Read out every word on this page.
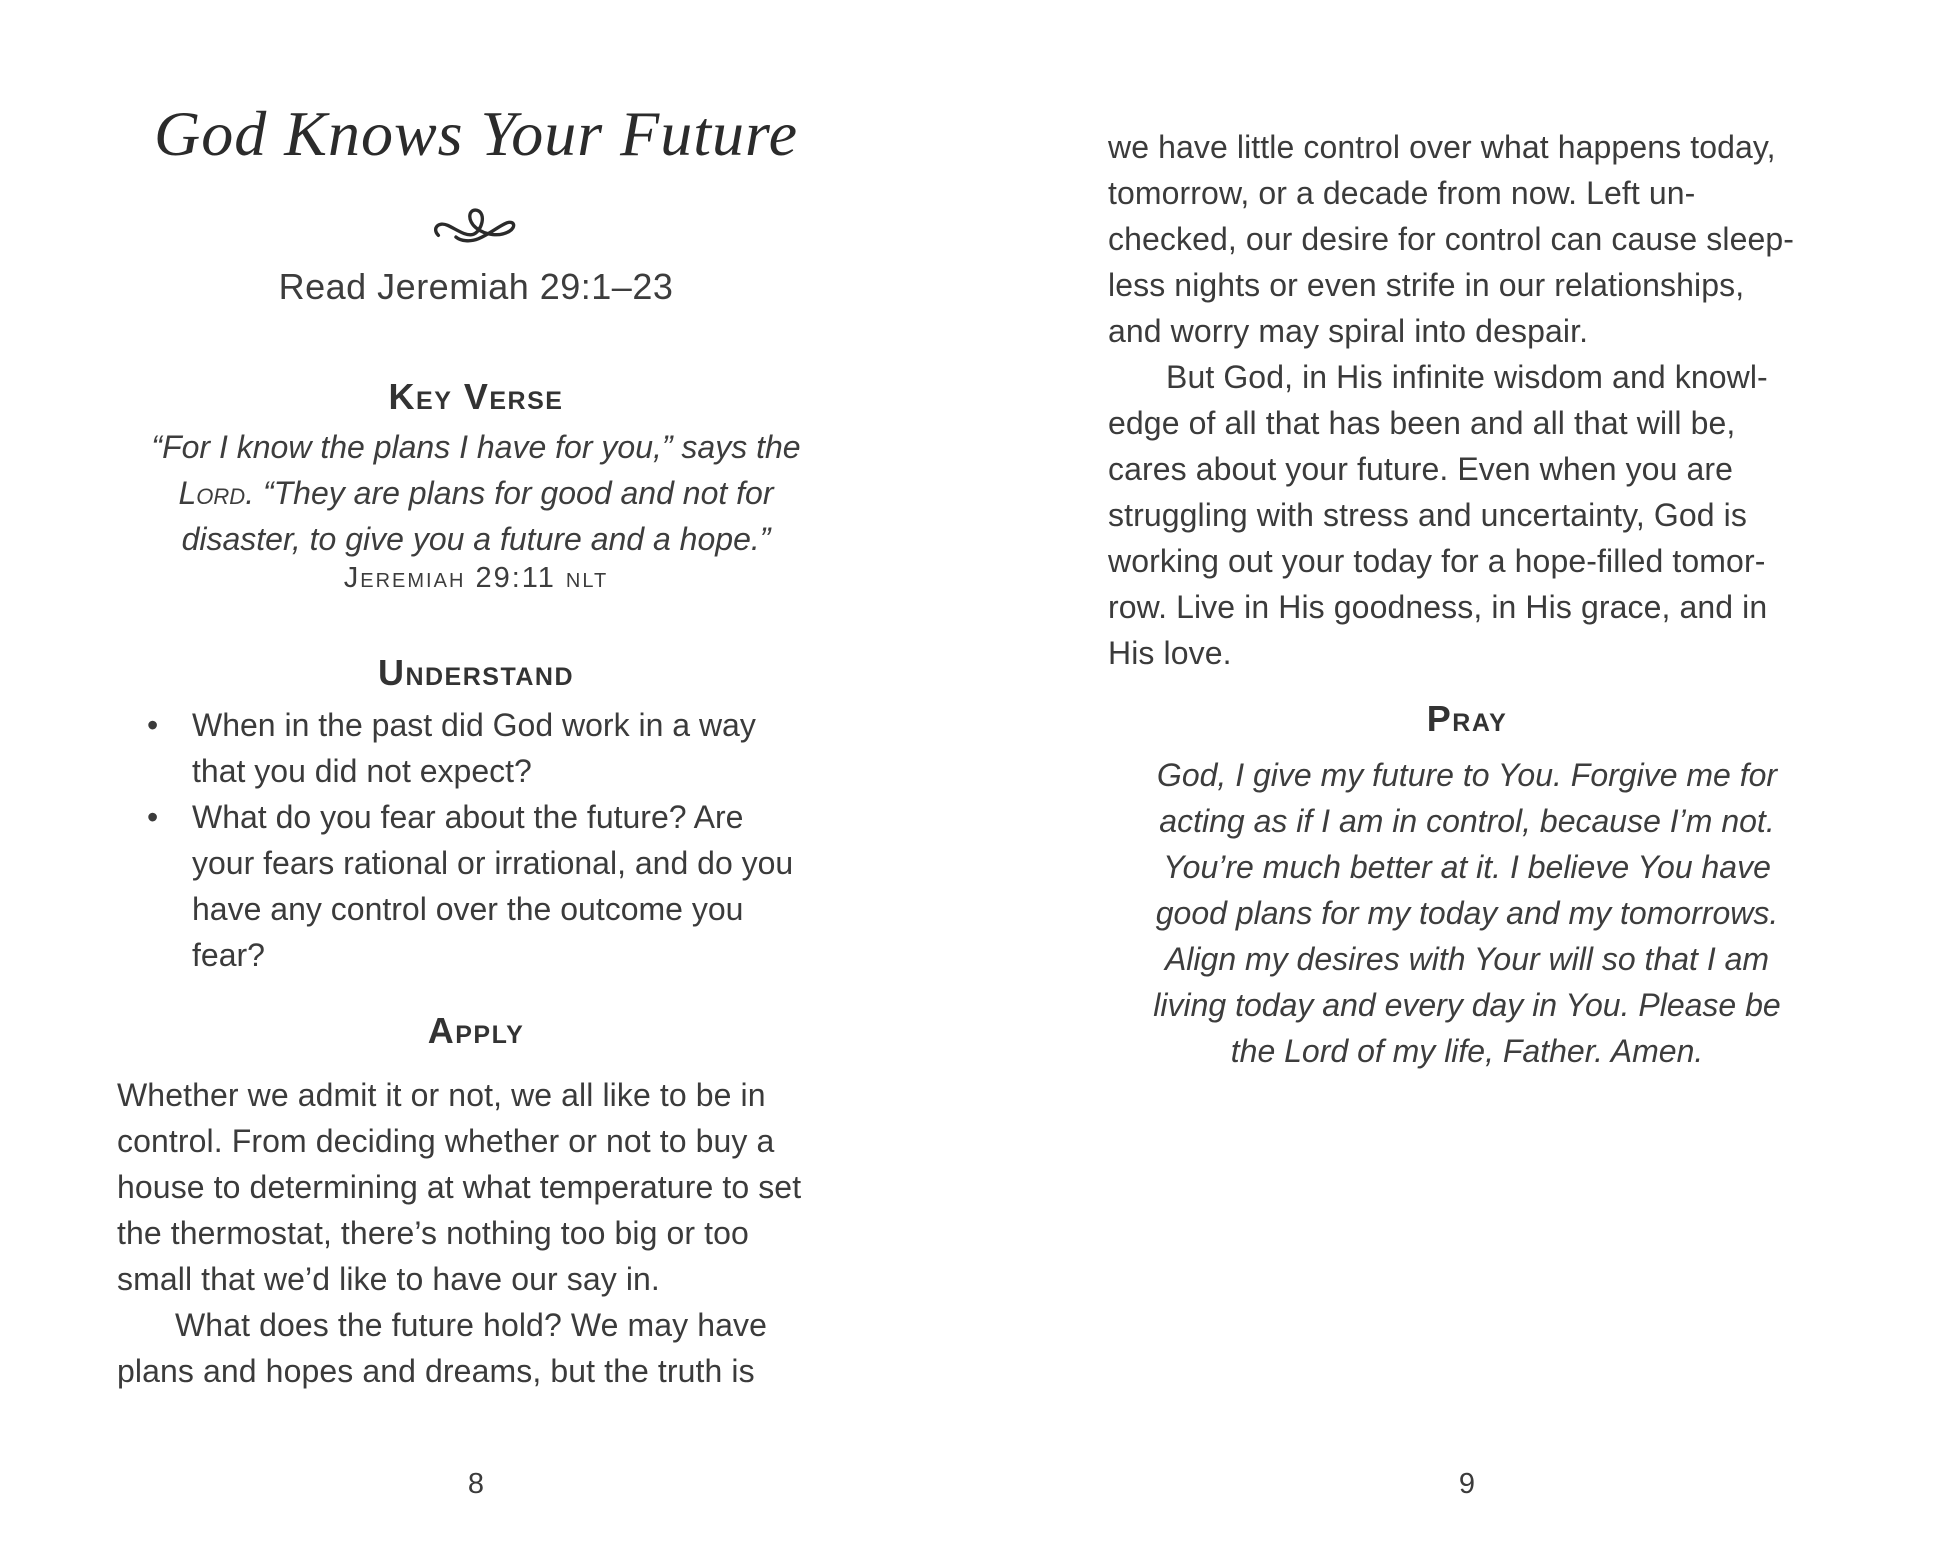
God Knows Your Future
Read Jeremiah 29:1–23
Key Verse
“For I know the plans I have for you,” says the
Lord. “They are plans for good and not for
disaster, to give you a future and a hope.”
Jeremiah 29:11 nlt
Understand
• When in the past did God work in a way
that you did not expect?
• What do you fear about the future? Are
your fears rational or irrational, and do you
have any control over the outcome you
fear?
Apply
Whether we admit it or not, we all like to be in
control. From deciding whether or not to buy a
house to determining at what temperature to set
the thermostat, there’s nothing too big or too
small that we’d like to have our say in.
What does the future hold? We may have
plans and hopes and dreams, but the truth is
8
we have little control over what happens today,
tomorrow, or a decade from now. Left un-
checked, our desire for control can cause sleep-
less nights or even strife in our relationships,
and worry may spiral into despair.
But God, in His infinite wisdom and knowl-
edge of all that has been and all that will be,
cares about your future. Even when you are
struggling with stress and uncertainty, God is
working out your today for a hope-filled tomor-
row. Live in His goodness, in His grace, and in
His love.
Pray
God, I give my future to You. Forgive me for
acting as if I am in control, because I’m not.
You’re much better at it. I believe You have
good plans for my today and my tomorrows.
Align my desires with Your will so that I am
living today and every day in You. Please be
the Lord of my life, Father. Amen.
9
